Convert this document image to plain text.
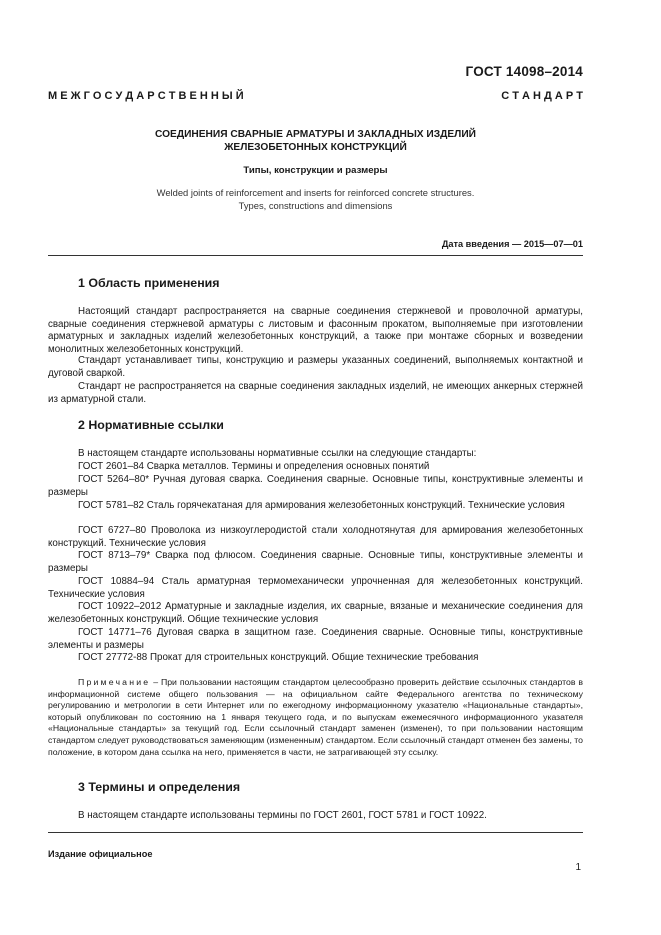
ГОСТ 14098–2014
М Е Ж Г О С У Д А Р С Т В Е Н Н Ы Й	С Т А Н Д А Р Т

СОЕДИНЕНИЯ СВАРНЫЕ АРМАТУРЫ И ЗАКЛАДНЫХ ИЗДЕЛИЙ

ЖЕЛЕЗОБЕТОННЫХ КОНСТРУКЦИЙ

Типы, конструкции и размеры
Welded joints of reinforcement and inserts for reinforced concrete structures.
Types, constructions and dimensions
Дата введения — 2015—07—01
1 Область применения

Настоящий стандарт распространяется на сварные соединения стержневой и проволочной арматуры, сварные соединения стержневой арматуры с листовым и фасонным прокатом, выполняемые при изготовлении арматурных и закладных изделий железобетонных конструкций, а также при монтаже сборных и возведении монолитных железобетонных конструкций.

Стандарт устанавливает типы, конструкцию и размеры указанных соединений, выполняемых контактной и дуговой сваркой.

Стандарт не распространяется на сварные соединения закладных изделий, не имеющих анкерных стержней из арматурной стали.

2 Нормативные ссылки

В настоящем стандарте использованы нормативные ссылки на следующие стандарты:

ГОСТ 2601–84 Сварка металлов. Термины и определения основных понятий

ГОСТ 5264–80* Ручная дуговая сварка. Соединения сварные. Основные типы, конструктивные элементы и размеры

ГОСТ 5781–82 Сталь горячекатаная для армирования железобетонных конструкций. Технические условия

ГОСТ 6727–80 Проволока из низкоуглеродистой стали холоднотянутая для армирования железобетонных конструкций. Технические условия

ГОСТ 8713–79* Сварка под флюсом. Соединения сварные. Основные типы, конструктивные элементы и размеры

ГОСТ 10884–94 Сталь арматурная термомеханически упрочненная для железобетонных конструкций. Технические условия

ГОСТ 10922–2012 Арматурные и закладные изделия, их сварные, вязаные и механические соединения для железобетонных конструкций. Общие технические условия

ГОСТ 14771–76 Дуговая сварка в защитном газе. Соединения сварные. Основные типы, конструктивные элементы и размеры

ГОСТ 27772-88 Прокат для строительных конструкций. Общие технические требования

Примечание – При пользовании настоящим стандартом целесообразно проверить действие ссылочных стандартов в информационной системе общего пользования — на официальном сайте Федерального агентства по техническому регулированию и метрологии в сети Интернет или по ежегодному информационному указателю «Национальные стандарты», который опубликован по состоянию на 1 января текущего года, и по выпускам ежемесячного информационного указателя «Национальные стандарты» за текущий год. Если ссылочный стандарт заменен (изменен), то при пользовании настоящим стандартом следует руководствоваться заменяющим (измененным) стандартом. Если ссылочный стандарт отменен без замены, то положение, в котором дана ссылка на него, применяется в части, не затрагивающей эту ссылку.

3 Термины и определения

В настоящем стандарте использованы термины по ГОСТ 2601, ГОСТ 5781 и ГОСТ 10922.

Издание официальное
1
